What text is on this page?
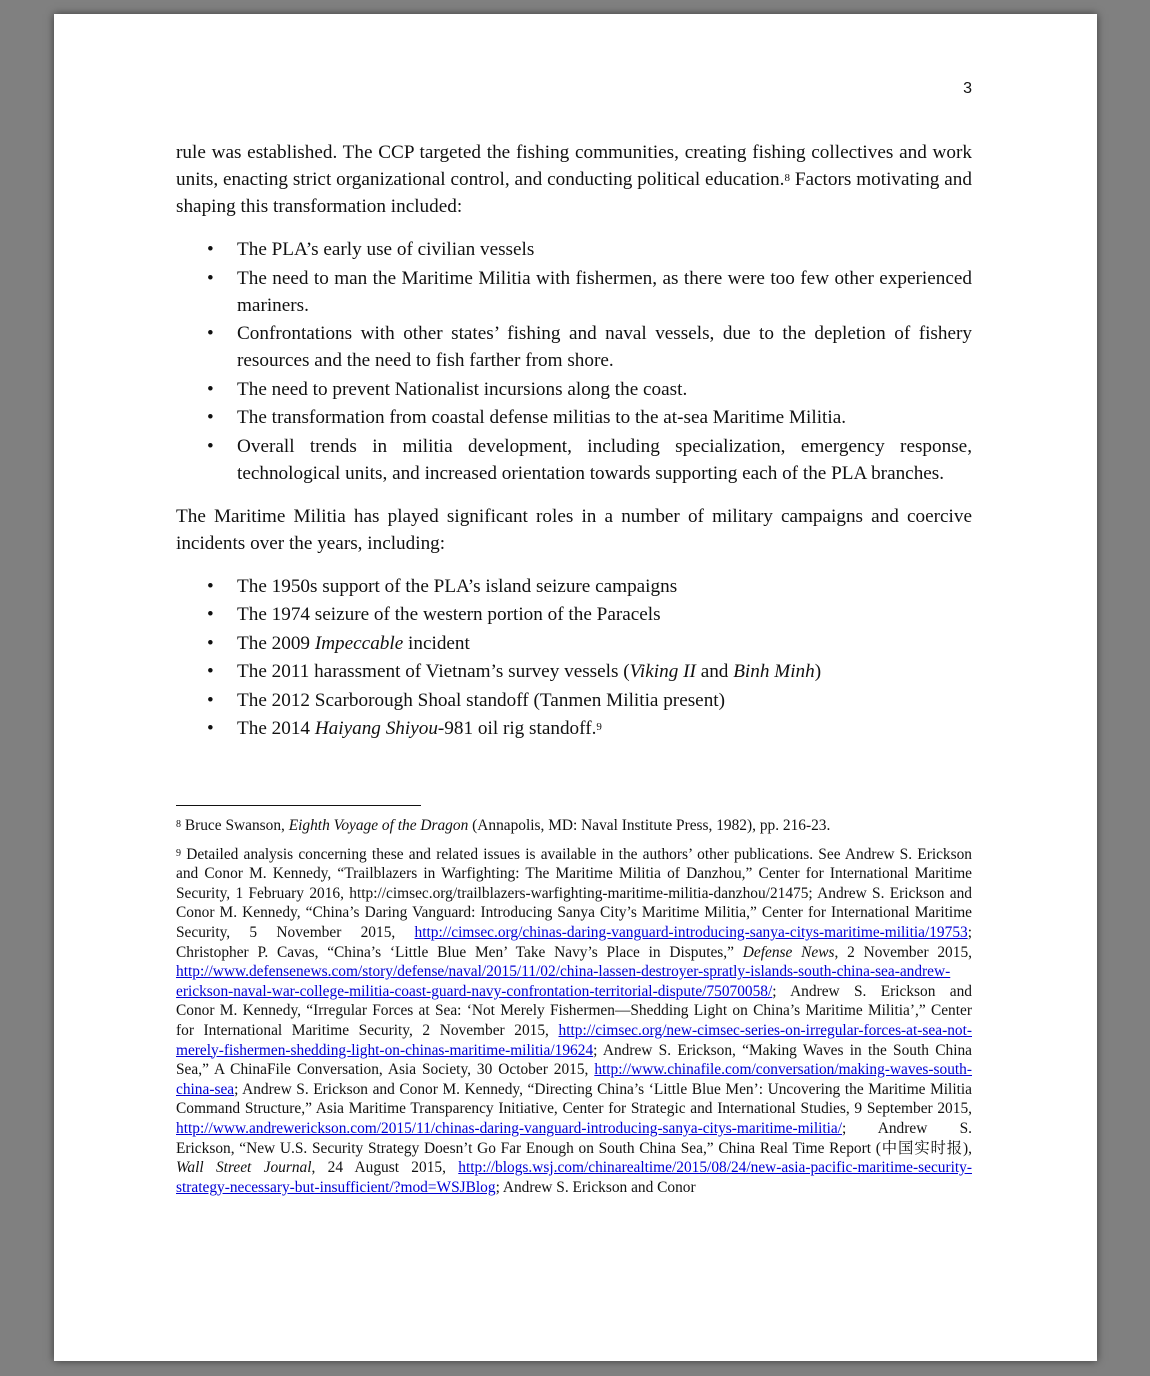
3

rule was established. The CCP targeted the fishing communities, creating fishing collectives and work units, enacting strict organizational control, and conducting political education.$^8$ Factors motivating and shaping this transformation included:

• The PLA’s early use of civilian vessels
• The need to man the Maritime Militia with fishermen, as there were too few other experienced mariners.
• Confrontations with other states’ fishing and naval vessels, due to the depletion of fishery resources and the need to fish farther from shore.
• The need to prevent Nationalist incursions along the coast.
• The transformation from coastal defense militias to the at-sea Maritime Militia.
• Overall trends in militia development, including specialization, emergency response, technological units, and increased orientation towards supporting each of the PLA branches.

The Maritime Militia has played significant roles in a number of military campaigns and coercive incidents over the years, including:

• The 1950s support of the PLA’s island seizure campaigns
• The 1974 seizure of the western portion of the Paracels
• The 2009 Impeccable incident
• The 2011 harassment of Vietnam’s survey vessels (Viking II and Binh Minh)
• The 2012 Scarborough Shoal standoff (Tanmen Militia present)
• The 2014 Haiyang Shiyou-981 oil rig standoff.$^9$

$^8$ Bruce Swanson, Eighth Voyage of the Dragon (Annapolis, MD: Naval Institute Press, 1982), pp. 216-23.

$^9$ Detailed analysis concerning these and related issues is available in the authors’ other publications. See Andrew S. Erickson and Conor M. Kennedy, “Trailblazers in Warfighting: The Maritime Militia of Danzhou,” Center for International Maritime Security, 1 February 2016, http://cimsec.org/trailblazers-warfighting-maritime-militia-danzhou/21475; Andrew S. Erickson and Conor M. Kennedy, “China’s Daring Vanguard: Introducing Sanya City’s Maritime Militia,” Center for International Maritime Security, 5 November 2015, http://cimsec.org/chinas-daring-vanguard-introducing-sanya-citys-maritime-militia/19753; Christopher P. Cavas, “China’s ‘Little Blue Men’ Take Navy’s Place in Disputes,” Defense News, 2 November 2015, http://www.defensenews.com/story/defense/naval/2015/11/02/china-lassen-destroyer-spratly-islands-south-china-sea-andrew-erickson-naval-war-college-militia-coast-guard-navy-confrontation-territorial-dispute/75070058/; Andrew S. Erickson and Conor M. Kennedy, “Irregular Forces at Sea: ‘Not Merely Fishermen—Shedding Light on China’s Maritime Militia’,” Center for International Maritime Security, 2 November 2015, http://cimsec.org/new-cimsec-series-on-irregular-forces-at-sea-not-merely-fishermen-shedding-light-on-chinas-maritime-militia/19624; Andrew S. Erickson, “Making Waves in the South China Sea,” A ChinaFile Conversation, Asia Society, 30 October 2015, http://www.chinafile.com/conversation/making-waves-south-china-sea; Andrew S. Erickson and Conor M. Kennedy, “Directing China’s ‘Little Blue Men’: Uncovering the Maritime Militia Command Structure,” Asia Maritime Transparency Initiative, Center for Strategic and International Studies, 9 September 2015, http://www.andrewerickson.com/2015/11/chinas-daring-vanguard-introducing-sanya-citys-maritime-militia/; Andrew S. Erickson, “New U.S. Security Strategy Doesn’t Go Far Enough on South China Sea,” China Real Time Report (中国实时报), Wall Street Journal, 24 August 2015, http://blogs.wsj.com/chinarealtime/2015/08/24/new-asia-pacific-maritime-security-strategy-necessary-but-insufficient/?mod=WSJBlog; Andrew S. Erickson and Conor
